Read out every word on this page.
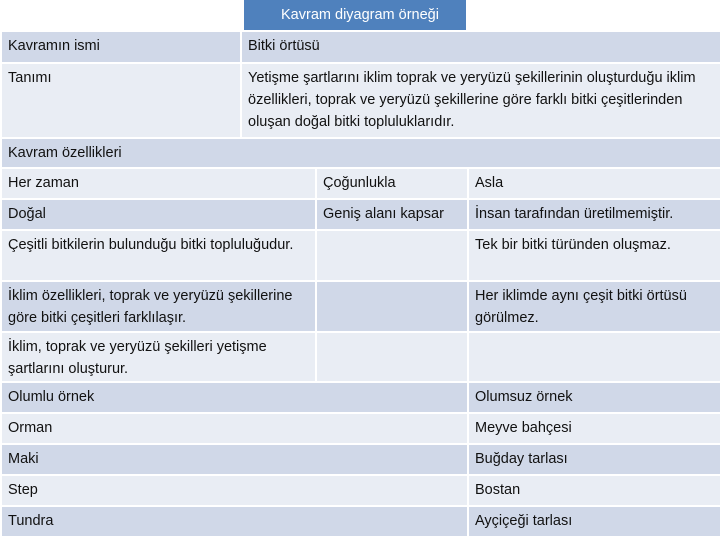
Kavram diyagram örneği
Kavramın ismi	Bitki örtüsü		
Tanımı	Yetişme şartlarını iklim toprak ve yeryüzü şekillerinin oluşturduğu iklim özellikleri, toprak ve yeryüzü şekillerine göre farklı bitki çeşitlerinden oluşan doğal bitki topluluklarıdır.		
Kavram özellikleri			
Her zaman		Çoğunlukla	Asla
Doğal		Geniş alanı kapsar	İnsan tarafından üretilmemiştir.
Çeşitli bitkilerin bulunduğu bitki topluluğudur.			Tek bir bitki türünden oluşmaz.
İklim özellikleri, toprak ve yeryüzü şekillerine göre bitki çeşitleri farklılaşır.			Her iklimde aynı çeşit bitki örtüsü görülmez.
İklim, toprak ve yeryüzü şekilleri yetişme şartlarını oluşturur.			
Olumlu örnek			Olumsuz örnek
Orman			Meyve bahçesi
Maki			Buğday tarlası
Step			Bostan
Tundra			Ayçiçeği tarlası
